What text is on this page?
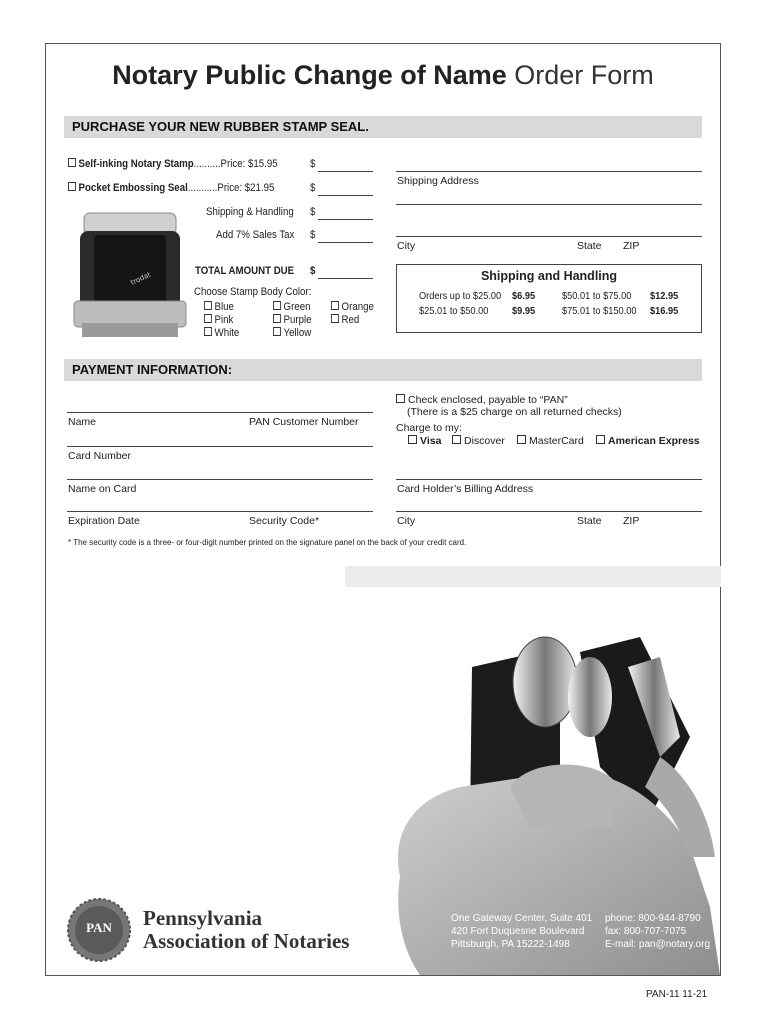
Notary Public Change of Name Order Form
PURCHASE YOUR NEW RUBBER STAMP SEAL.
Self-inking Notary Stamp..........Price: $15.95	$
Pocket Embossing Seal...........Price: $21.95	$
Shipping & Handling $
Add 7% Sales Tax $
TOTAL AMOUNT DUE $
trodat
Choose Stamp Body Color:
Blue	Green	Orange
Pink	Purple	Red
White	Yellow
Shipping Address
City	State ZIP
Shipping and Handling
Orders up to $25.00 $6.95	$50.01 to $75.00 $12.95
$25.01 to $50.00 $9.95	$75.01 to $150.00 $16.95
PAYMENT INFORMATION:
Check enclosed, payable to “PAN”
(There is a $25 charge on all returned checks)
Charge to my:
Visa	Discover	MasterCard	American Express
Name	PAN Customer Number
Card Number
Name on Card	Card Holder’s Billing Address
Expiration Date	Security Code*	City	State ZIP
* The security code is a three- or four-digit number printed on the signature panel on the back of your credit card.
PAN	Pennsylvania
Association of Notaries
One Gateway Center, Suite 401
420 Fort Duquesne Boulevard
Pittsburgh, PA 15222-1498
phone: 800-944-8790
fax: 800-707-7075
E-mail: pan@notary.org
PAN-11 11-21
